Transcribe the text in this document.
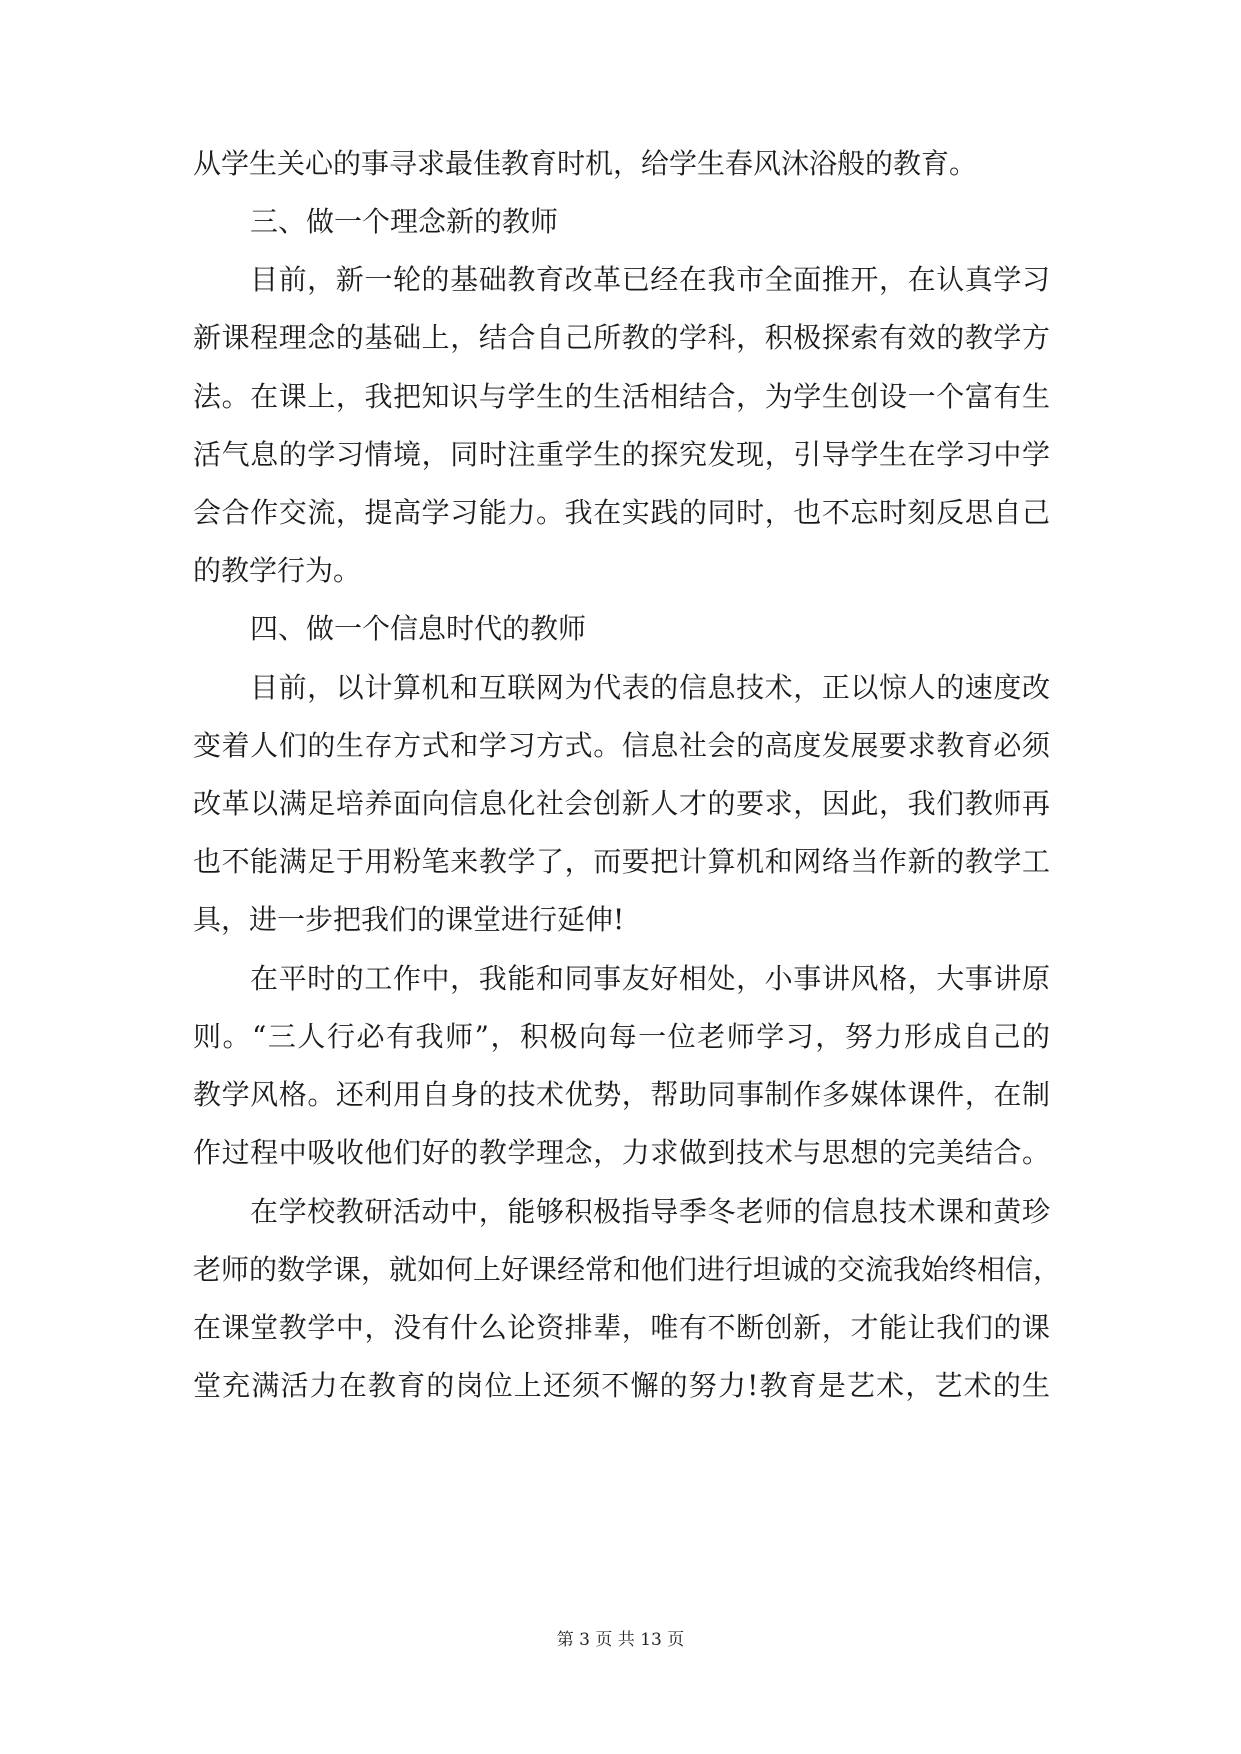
从学生关心的事寻求最佳教育时机，给学生春风沐浴般的教育。
三、做一个理念新的教师
目前，新一轮的基础教育改革已经在我市全面推开，在认真学习
新课程理念的基础上，结合自己所教的学科，积极探索有效的教学方
法。在课上，我把知识与学生的生活相结合，为学生创设一个富有生
活气息的学习情境，同时注重学生的探究发现，引导学生在学习中学
会合作交流，提高学习能力。我在实践的同时，也不忘时刻反思自己
的教学行为。
四、做一个信息时代的教师
目前，以计算机和互联网为代表的信息技术，正以惊人的速度改
变着人们的生存方式和学习方式。信息社会的高度发展要求教育必须
改革以满足培养面向信息化社会创新人才的要求，因此，我们教师再
也不能满足于用粉笔来教学了，而要把计算机和网络当作新的教学工
具，进一步把我们的课堂进行延伸!
在平时的工作中，我能和同事友好相处，小事讲风格，大事讲原
则。“三人行必有我师”，积极向每一位老师学习，努力形成自己的
教学风格。还利用自身的技术优势，帮助同事制作多媒体课件，在制
作过程中吸收他们好的教学理念，力求做到技术与思想的完美结合。
在学校教研活动中，能够积极指导季冬老师的信息技术课和黄珍
老师的数学课，就如何上好课经常和他们进行坦诚的交流我始终相信，
在课堂教学中，没有什么论资排辈，唯有不断创新，才能让我们的课
堂充满活力在教育的岗位上还须不懈的努力!教育是艺术，艺术的生
第 3 页 共 13 页
